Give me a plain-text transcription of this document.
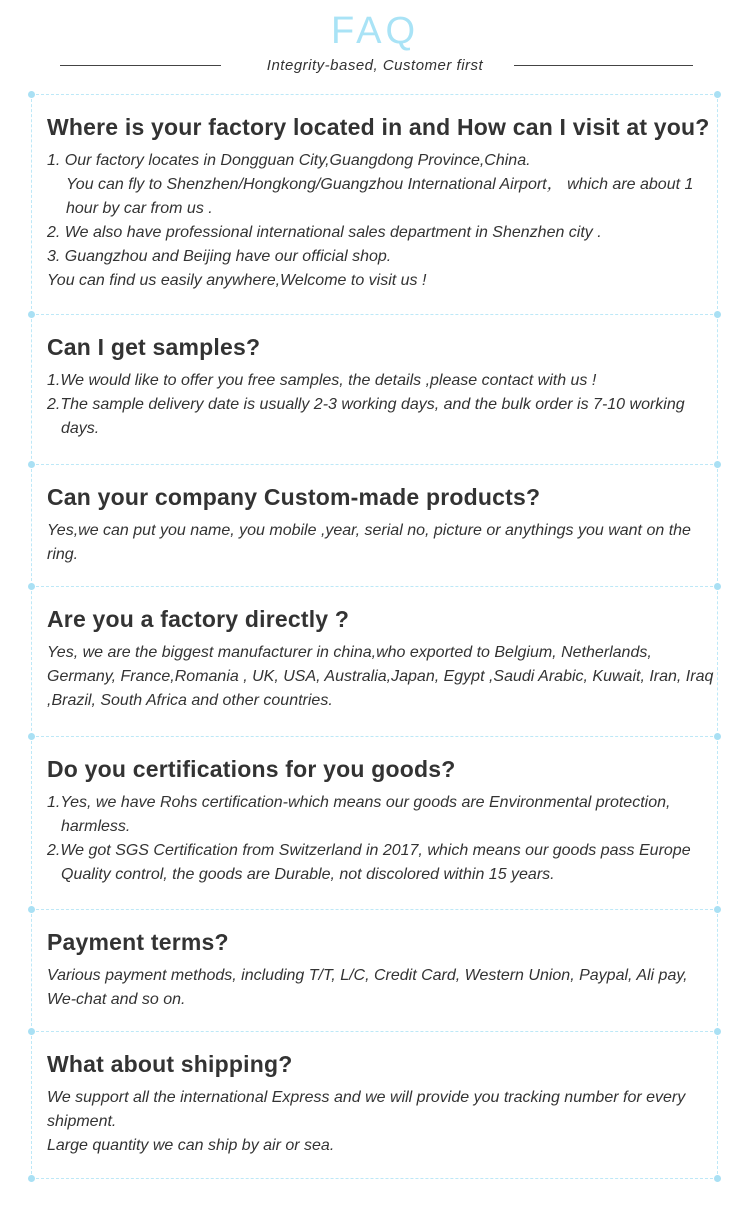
FAQ
Integrity-based, Customer first
Where is your factory located in and How can I visit at you?
1. Our factory locates in Dongguan City,Guangdong Province,China.
You can fly to Shenzhen/Hongkong/Guangzhou International Airport， which are about 1 hour by car from us .
2. We also have professional international sales department in Shenzhen city .
3. Guangzhou and Beijing have our official shop.
You can find us easily anywhere,Welcome to visit us !
Can I get samples?
1.We would like to offer you free samples, the details ,please contact with us !
2.The sample delivery date is usually 2-3 working days, and the bulk order is 7-10 working days.
Can your company Custom-made products?
Yes,we can put you name, you mobile ,year, serial no, picture or anythings you want on the ring.
Are you a factory directly ?
Yes, we are the biggest manufacturer in china,who exported to Belgium, Netherlands, Germany, France,Romania , UK, USA, Australia,Japan, Egypt ,Saudi Arabic, Kuwait, Iran, Iraq ,Brazil, South Africa and other countries.
Do you certifications for you goods?
1.Yes, we have Rohs certification-which means our goods are Environmental protection, harmless.
2.We got SGS Certification from Switzerland in 2017, which means our goods pass Europe Quality control, the goods are Durable, not discolored within 15 years.
Payment terms?
Various payment methods, including T/T, L/C, Credit Card, Western Union, Paypal, Ali pay, We-chat and so on.
What about shipping?
We support all the international Express and we will provide you tracking number for every shipment.
Large quantity we can ship by air or sea.
